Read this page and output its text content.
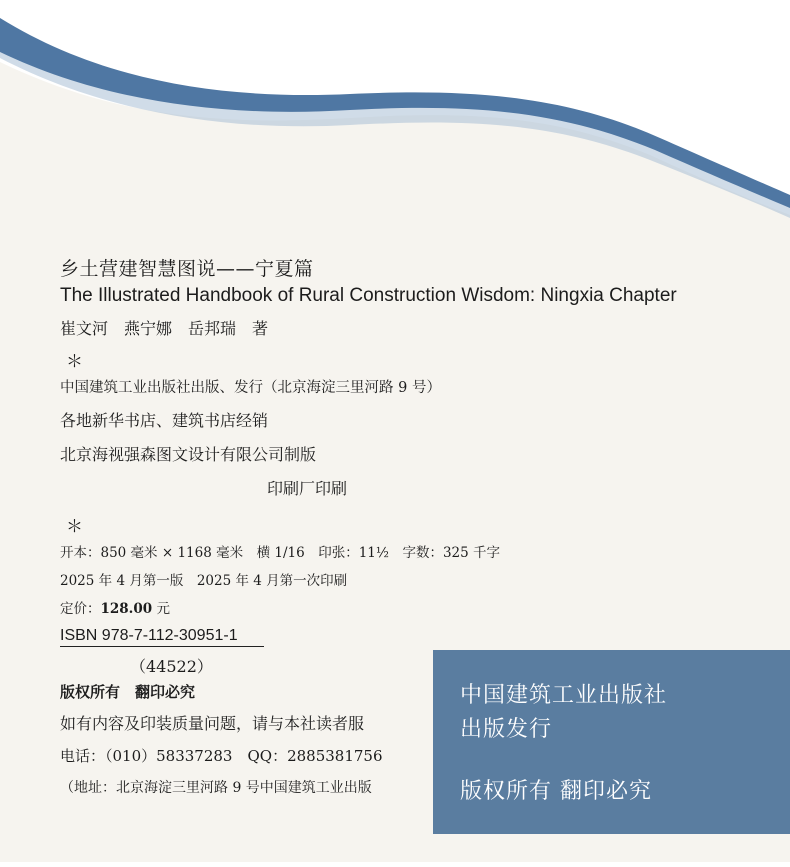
乡土营建智慧图说——宁夏篇
The Illustrated Handbook of Rural Construction Wisdom: Ningxia Chapter
崔文河　燕宁娜　岳邦瑞　著
＊
中国建筑工业出版社出版、发行（北京海淀三里河路 9 号）
各地新华书店、建筑书店经销
北京海视强森图文设计有限公司制版
印刷厂印刷
＊
开本：850 毫米 × 1168 毫米　横 1/16　印张：11½　字数：325 千字
2025 年 4 月第一版　2025 年 4 月第一次印刷
定价：128.00 元
ISBN 978-7-112-30951-1
（44522）
版权所有　翻印必究
如有内容及印装质量问题，请与本社读者服
电话：（010）58337283　QQ：2885381756
（地址：北京海淀三里河路 9 号中国建筑工业出版
中国建筑工业出版社
出版发行
版权所有 翻印必究
